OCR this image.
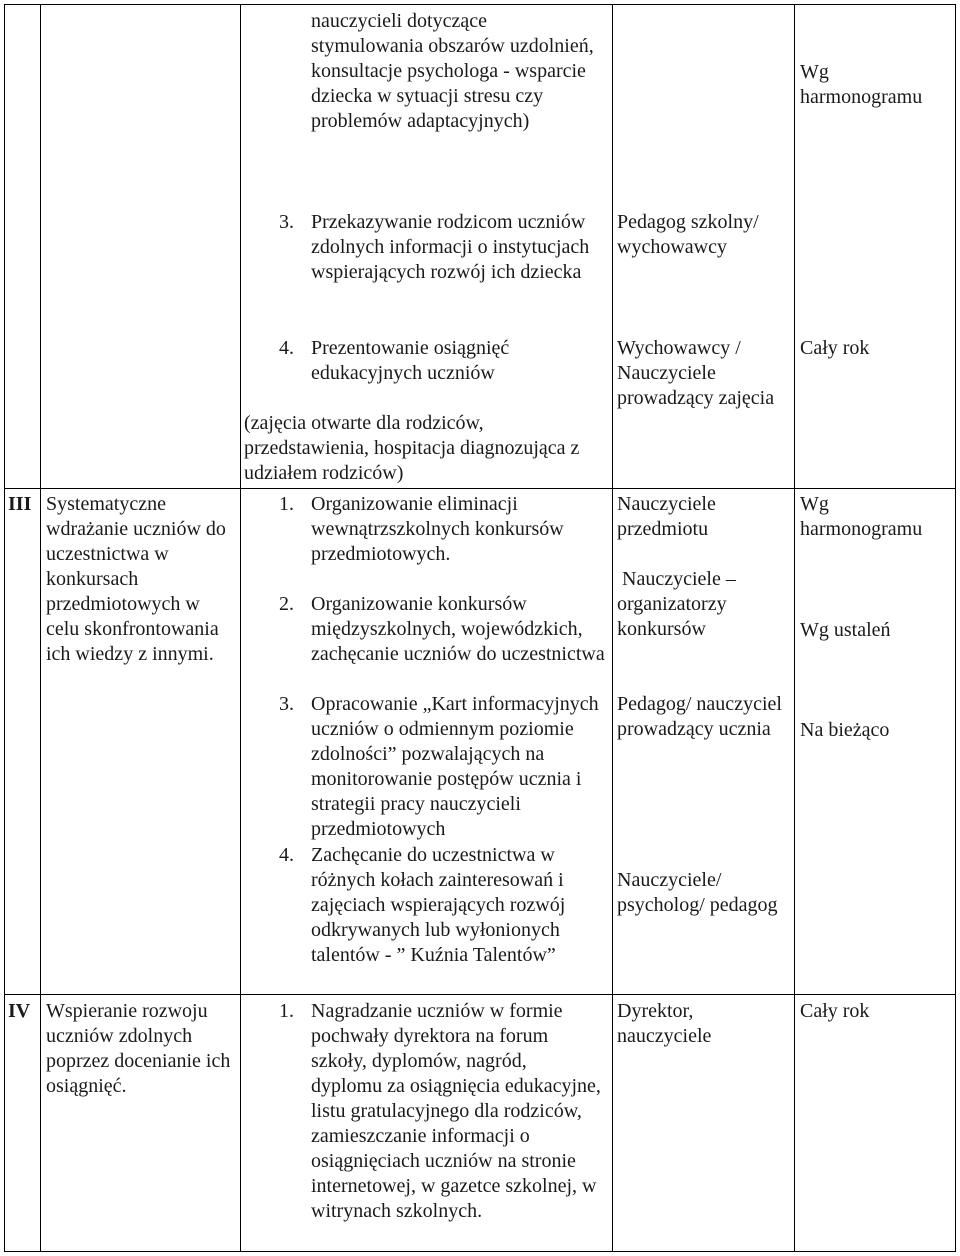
nauczycieli dotyczące stymulowania obszarów uzdolnień, konsultacje psychologa - wsparcie dziecka w sytuacji stresu czy problemów adaptacyjnych)
Wg harmonogramu
3. Przekazywanie rodzicom uczniów zdolnych informacji o instytucjach wspierających rozwój ich dziecka
Pedagog szkolny/ wychowawcy
4. Prezentowanie osiągnięć edukacyjnych uczniów
(zajęcia otwarte dla rodziców, przedstawienia, hospitacja diagnozująca z udziałem rodziców)
Wychowawcy / Nauczyciele prowadzący zajęcia
Cały rok
III Systematyczne wdrażanie uczniów do uczestnictwa w konkursach przedmiotowych w celu skonfrontowania ich wiedzy z innymi.
1. Organizowanie eliminacji wewnątrzszkolnych konkursów przedmiotowych.
2. Organizowanie konkursów międzyszkolnych, wojewódzkich, zachęcanie uczniów do uczestnictwa
3. Opracowanie „Kart informacyjnych uczniów o odmiennym poziomie zdolności” pozwalających na monitorowanie postępów ucznia i strategii pracy nauczycieli przedmiotowych
4. Zachęcanie do uczestnictwa w różnych kołach zainteresowań i zajęciach wspierających rozwój odkrywanych lub wyłonionych talentów - ” Kuźnia Talentów”
Nauczyciele przedmiotu
Nauczyciele – organizatorzy konkursów
Pedagog/ nauczyciel prowadzący ucznia
Nauczyciele/ psycholog/ pedagog
Wg harmonogramu
Wg ustaleń
Na bieżąco
IV Wspieranie rozwoju uczniów zdolnych poprzez docenianie ich osiągnięć.
1. Nagradzanie uczniów w formie pochwały dyrektora na forum szkoły, dyplomów, nagród, dyplomu za osiągnięcia edukacyjne, listu gratulacyjnego dla rodziców, zamieszczanie informacji o osiągnięciach uczniów na stronie internetowej, w gazetce szkolnej, w witrynach szkolnych.
Dyrektor, nauczyciele
Cały rok
